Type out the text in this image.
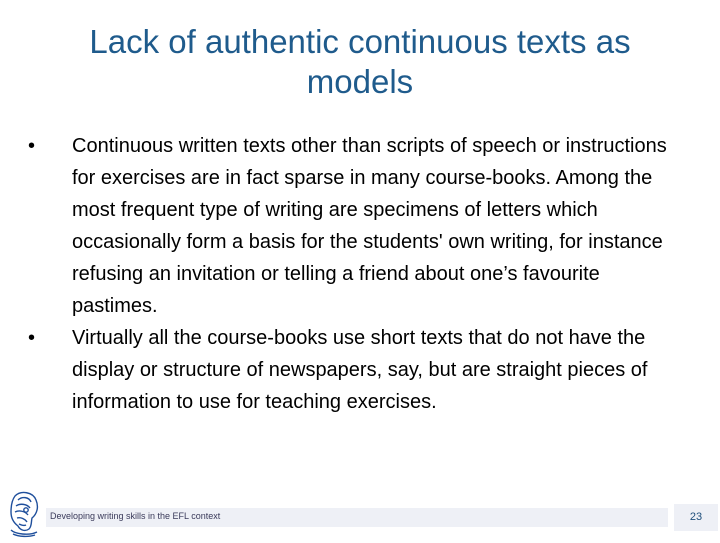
Lack of authentic continuous texts as models
•	Continuous written texts other than scripts of speech or instructions for exercises are in fact sparse in many course-books. Among the most frequent type of writing are specimens of letters which occasionally form a basis for the students' own writing, for instance refusing an invitation or telling a friend about one’s favourite pastimes.
•	Virtually all the course-books use short texts that do not have the display or structure of newspapers, say, but are straight pieces of information to use for teaching exercises.
Developing writing skills in the EFL context	23
